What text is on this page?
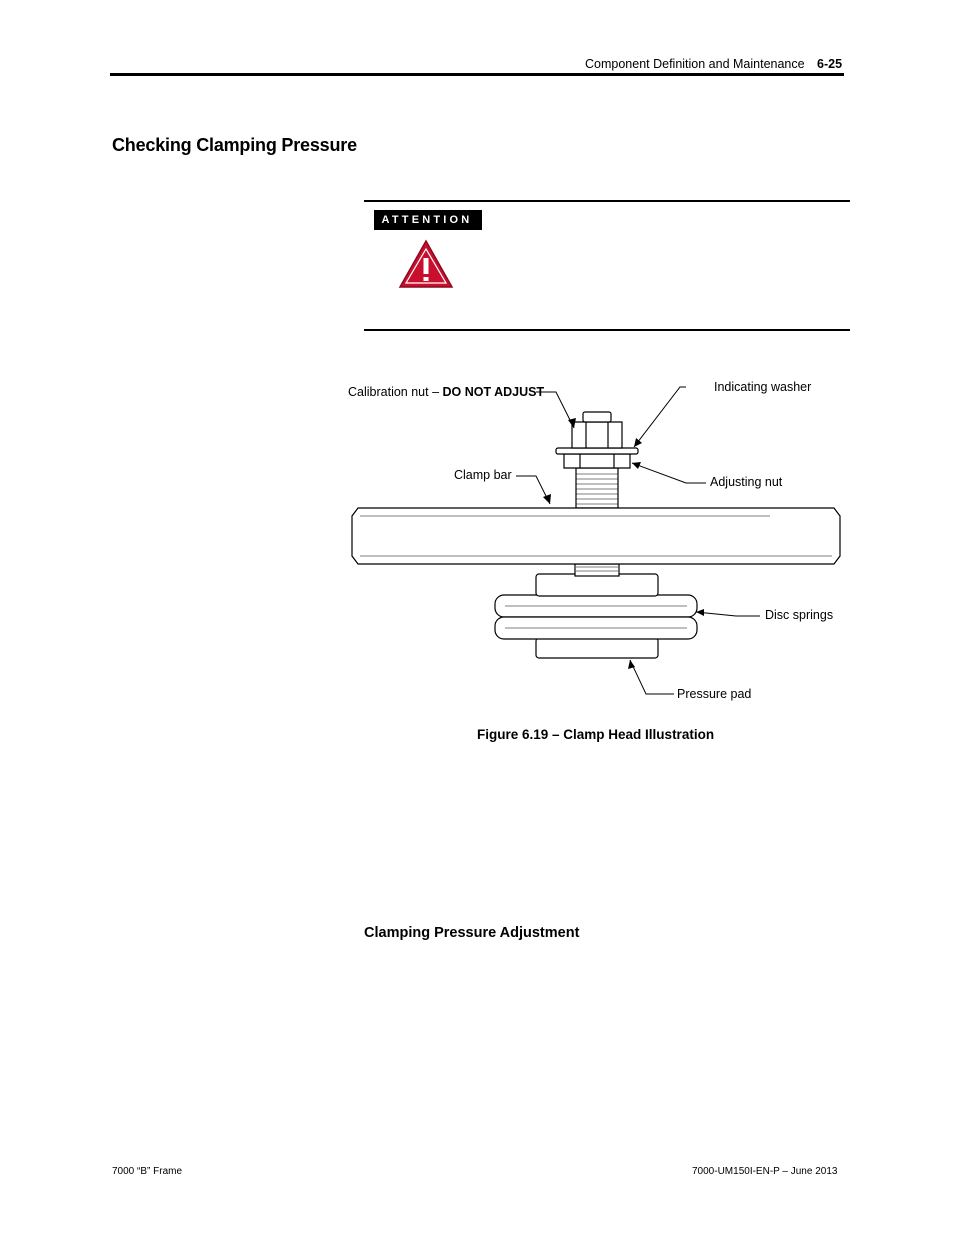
Component Definition and Maintenance 6-25
Checking Clamping Pressure
ATTENTION
Calibration nut – DO NOT ADJUST	Indicating washer
Clamp bar	Adjusting nut
Disc springs
Pressure pad
Figure 6.19 – Clamp Head Illustration
Clamping Pressure Adjustment
7000 “B” Frame	7000-UM150I-EN-P – June 2013
